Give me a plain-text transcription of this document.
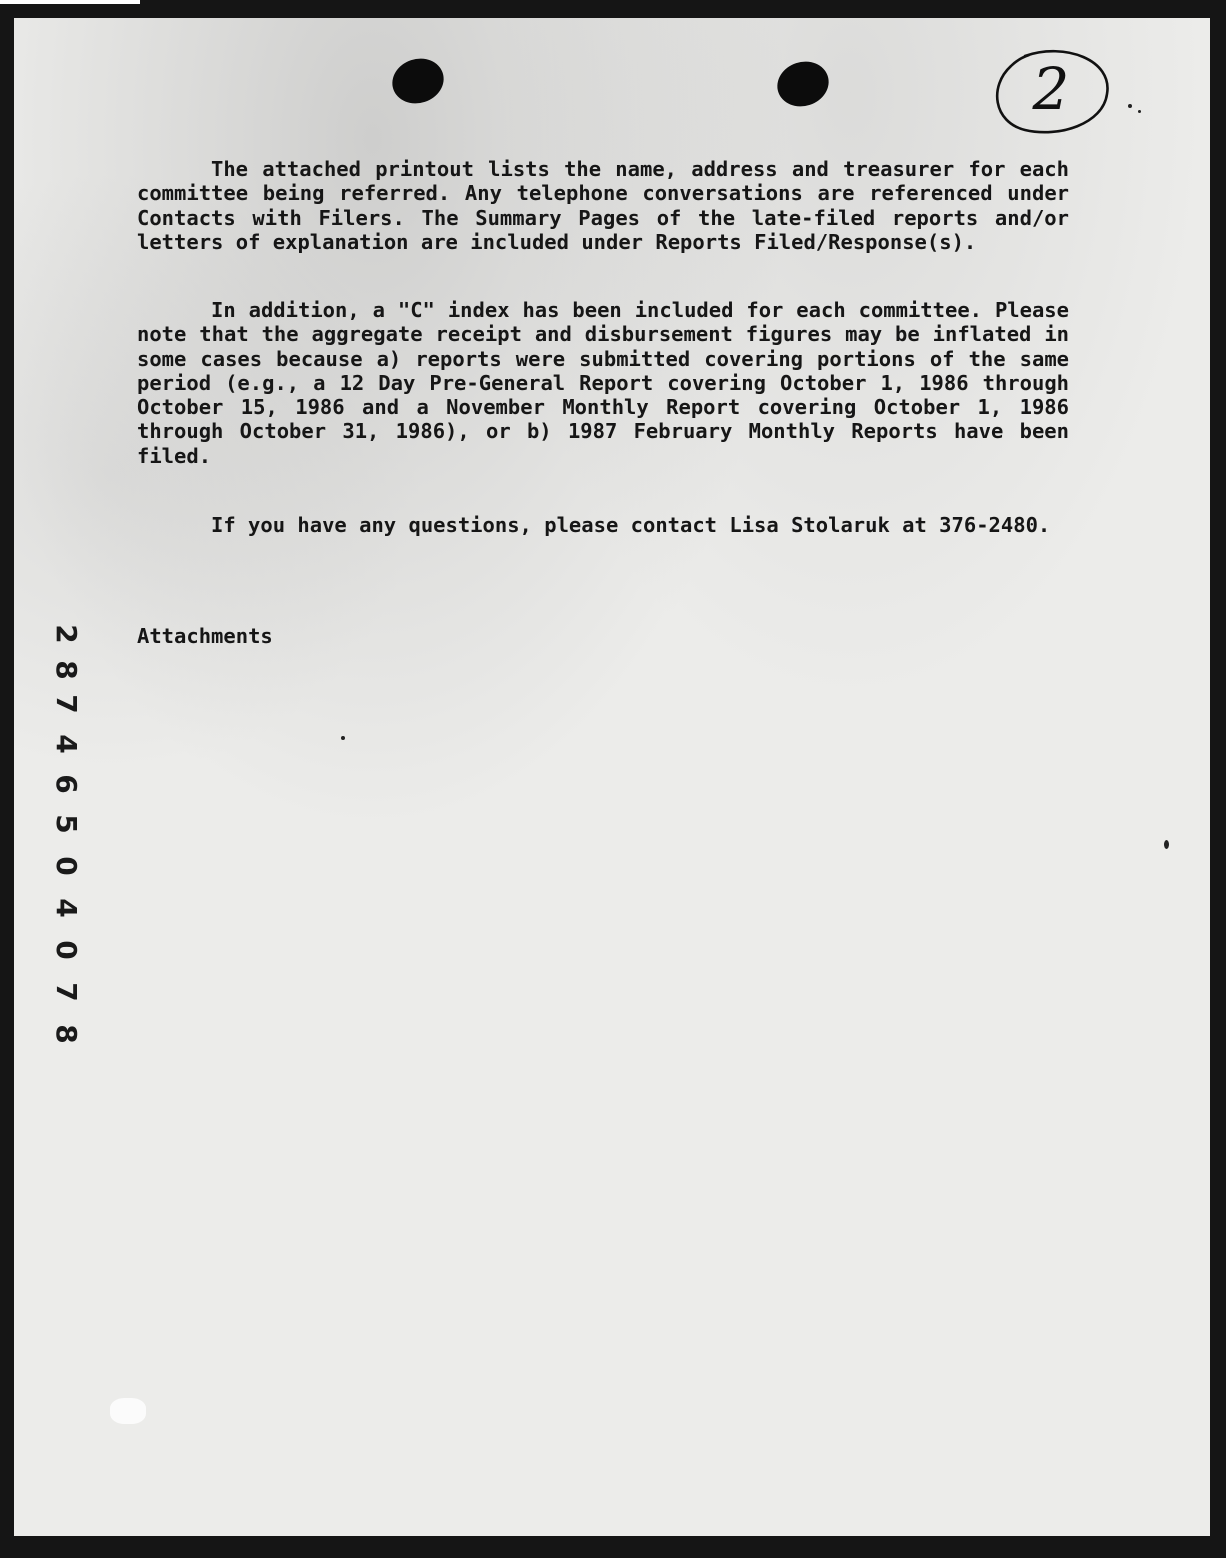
2

The attached printout lists the name, address and treasurer for each committee being referred. Any telephone conversations are referenced under Contacts with Filers. The Summary Pages of the late-filed reports and/or letters of explanation are included under Reports Filed/Response(s).

In addition, a "C" index has been included for each committee. Please note that the aggregate receipt and disbursement figures may be inflated in some cases because a) reports were submitted covering portions of the same period (e.g., a 12 Day Pre-General Report covering October 1, 1986 through October 15, 1986 and a November Monthly Report covering October 1, 1986 through October 31, 1986), or b) 1987 February Monthly Reports have been filed.

If you have any questions, please contact Lisa Stolaruk at 376-2480.

Attachments

8
7
0
4
0
5
6
4
7
8
2
